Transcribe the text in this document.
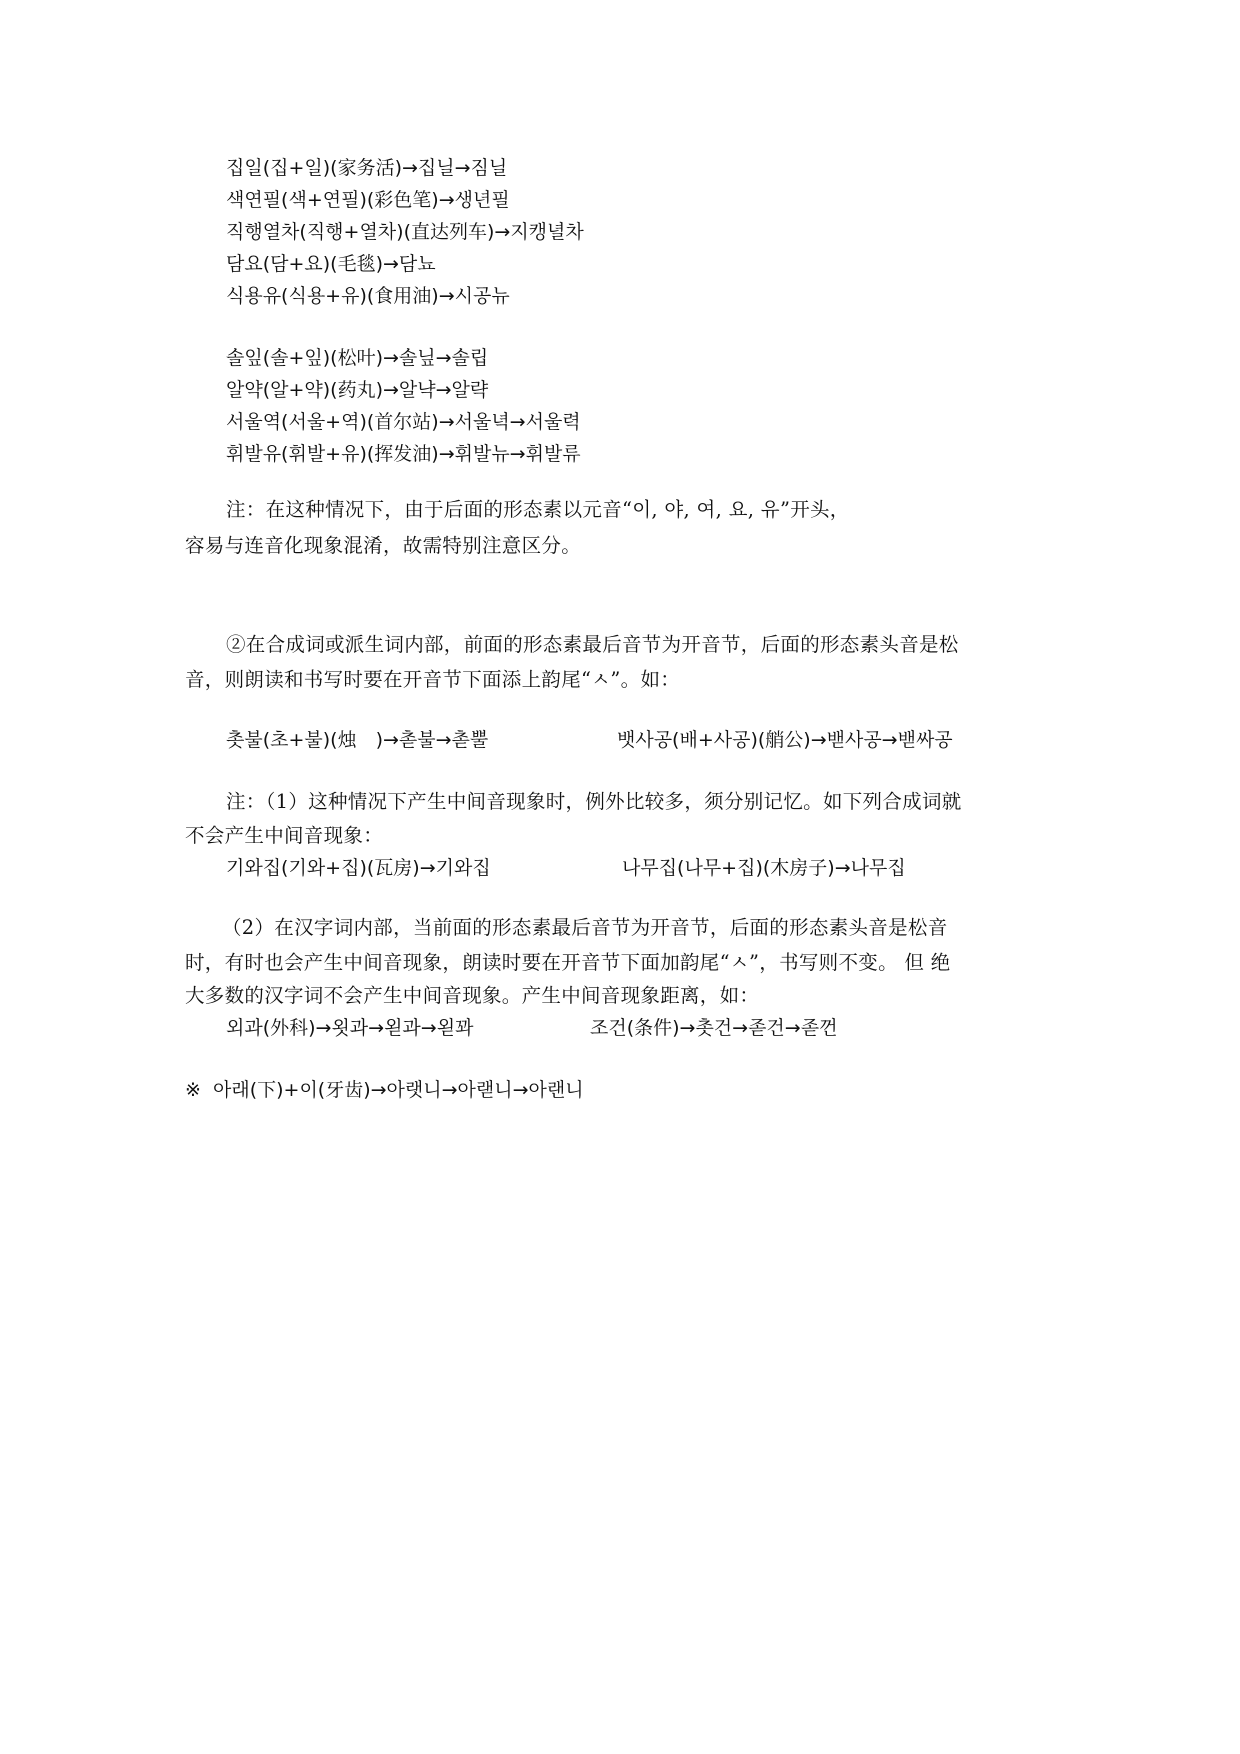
집일(집+일)(家务活)→집닐→짐닐
색연필(색+연필)(彩色笔)→생년필
직행열차(직행+열차)(直达列车)→지캥녈차
담요(담+요)(毛毯)→담뇨
식용유(식용+유)(食用油)→시공뉴
솔잎(솔+잎)(松叶)→솔닢→솔립
알약(알+약)(药丸)→알냑→알략
서울역(서울+역)(首尔站)→서울녁→서울력
휘발유(휘발+유)(挥发油)→휘발뉴→휘발류
注：在这种情况下，由于后面的形态素以元音“이, 야, 여, 요, 유”开头，
容易与连音化现象混淆，故需特别注意区分。
②在合成词或派生词内部，前面的形态素最后音节为开音节，后面的形态素头音是松
音，则朗读和书写时要在开音节下面添上韵尾“ㅅ”。如：
촛불(초+불)(烛　)→촏불→촏뿔	뱃사공(배+사공)(艄公)→밷사공→밷싸공
注：（1）这种情况下产生中间音现象时，例外比较多，须分别记忆。如下列合成词就
不会产生中间音现象：
기와집(기와+집)(瓦房)→기와집	나무집(나무+집)(木房子)→나무집
（2）在汉字词内部，当前面的形态素最后音节为开音节，后面的形态素头音是松音
时，有时也会产生中间音现象，朗读时要在开音节下面加韵尾“ㅅ”，书写则不变。 但 绝
大多数的汉字词不会产生中间音现象。产生中间音现象距离，如：
외과(外科)→욋과→왿과→왿꽈	조건(条件)→촛건→졷건→졷껀
※  아래(下)+이(牙齿)→아랫니→아랟니→아랜니
